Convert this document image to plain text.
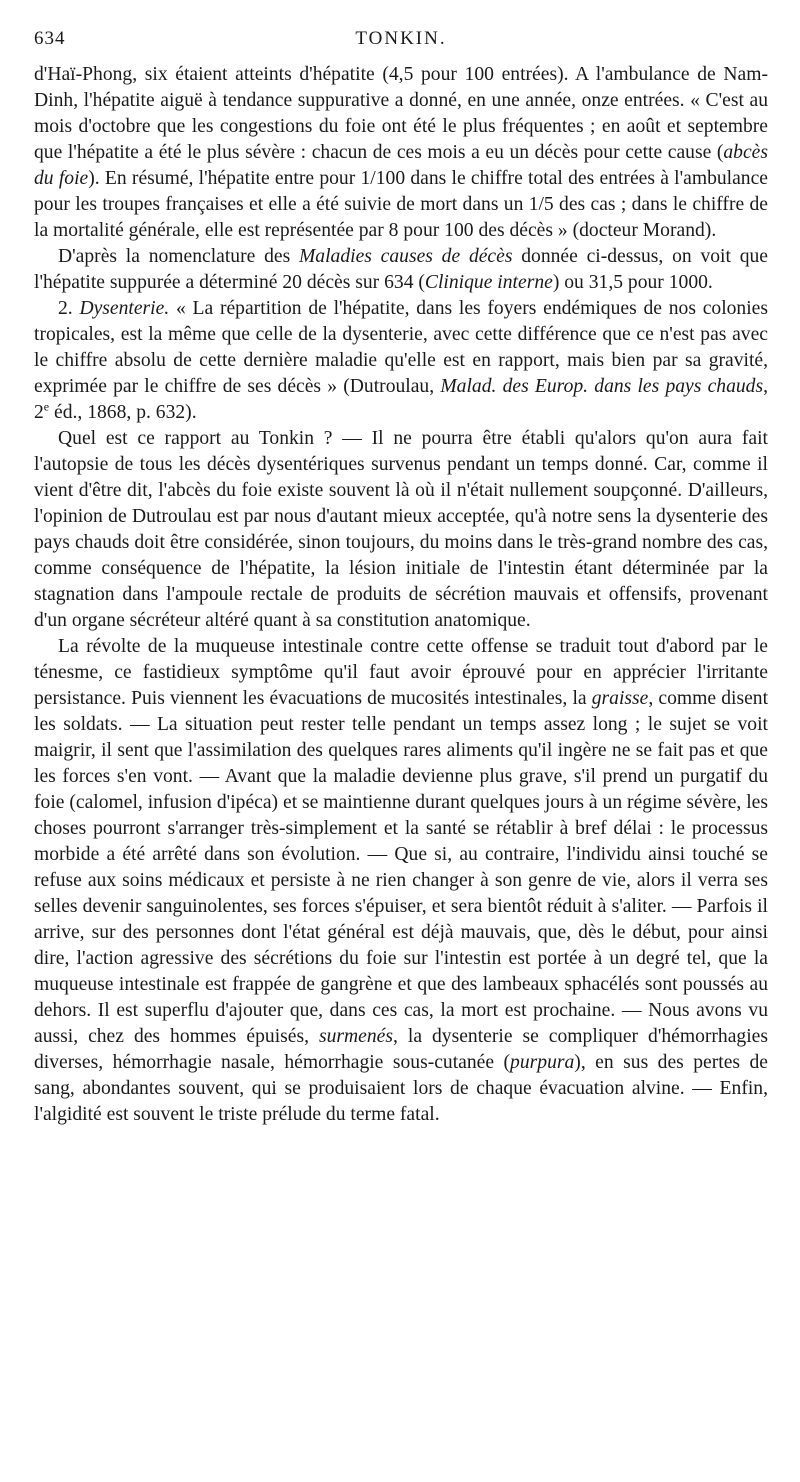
634	TONKIN.

d'Haï-Phong, six étaient atteints d'hépatite (4,5 pour 100 entrées). A l'ambulance de Nam-Dinh, l'hépatite aiguë à tendance suppurative a donné, en une année, onze entrées. « C'est au mois d'octobre que les congestions du foie ont été le plus fréquentes ; en août et septembre que l'hépatite a été le plus sévère : chacun de ces mois a eu un décès pour cette cause (abcès du foie). En résumé, l'hépatite entre pour 1/100 dans le chiffre total des entrées à l'ambulance pour les troupes françaises et elle a été suivie de mort dans un 1/5 des cas ; dans le chiffre de la mortalité générale, elle est représentée par 8 pour 100 des décès » (docteur Morand).

D'après la nomenclature des Maladies causes de décès donnée ci-dessus, on voit que l'hépatite suppurée a déterminé 20 décès sur 634 (Clinique interne) ou 31,5 pour 1000.

2. Dysenterie. « La répartition de l'hépatite, dans les foyers endémiques de nos colonies tropicales, est la même que celle de la dysenterie, avec cette différence que ce n'est pas avec le chiffre absolu de cette dernière maladie qu'elle est en rapport, mais bien par sa gravité, exprimée par le chiffre de ses décès » (Dutroulau, Malad. des Europ. dans les pays chauds, 2e éd., 1868, p. 632).

Quel est ce rapport au Tonkin ? — Il ne pourra être établi qu'alors qu'on aura fait l'autopsie de tous les décès dysentériques survenus pendant un temps donné. Car, comme il vient d'être dit, l'abcès du foie existe souvent là où il n'était nullement soupçonné. D'ailleurs, l'opinion de Dutroulau est par nous d'autant mieux acceptée, qu'à notre sens la dysenterie des pays chauds doit être considérée, sinon toujours, du moins dans le très-grand nombre des cas, comme conséquence de l'hépatite, la lésion initiale de l'intestin étant déterminée par la stagnation dans l'ampoule rectale de produits de sécrétion mauvais et offensifs, provenant d'un organe sécréteur altéré quant à sa constitution anatomique.

La révolte de la muqueuse intestinale contre cette offense se traduit tout d'abord par le ténesme, ce fastidieux symptôme qu'il faut avoir éprouvé pour en apprécier l'irritante persistance. Puis viennent les évacuations de mucosités intestinales, la graisse, comme disent les soldats. — La situation peut rester telle pendant un temps assez long ; le sujet se voit maigrir, il sent que l'assimilation des quelques rares aliments qu'il ingère ne se fait pas et que les forces s'en vont. — Avant que la maladie devienne plus grave, s'il prend un purgatif du foie (calomel, infusion d'ipéca) et se maintienne durant quelques jours à un régime sévère, les choses pourront s'arranger très-simplement et la santé se rétablir à bref délai : le processus morbide a été arrêté dans son évolution. — Que si, au contraire, l'individu ainsi touché se refuse aux soins médicaux et persiste à ne rien changer à son genre de vie, alors il verra ses selles devenir sanguinolentes, ses forces s'épuiser, et sera bientôt réduit à s'aliter. — Parfois il arrive, sur des personnes dont l'état général est déjà mauvais, que, dès le début, pour ainsi dire, l'action agressive des sécrétions du foie sur l'intestin est portée à un degré tel, que la muqueuse intestinale est frappée de gangrène et que des lambeaux sphacélés sont poussés au dehors. Il est superflu d'ajouter que, dans ces cas, la mort est prochaine. — Nous avons vu aussi, chez des hommes épuisés, surmenés, la dysenterie se compliquer d'hémorrhagies diverses, hémorrhagie nasale, hémorrhagie sous-cutanée (purpura), en sus des pertes de sang, abondantes souvent, qui se produisaient lors de chaque évacuation alvine. — Enfin, l'algidité est souvent le triste prélude du terme fatal.
